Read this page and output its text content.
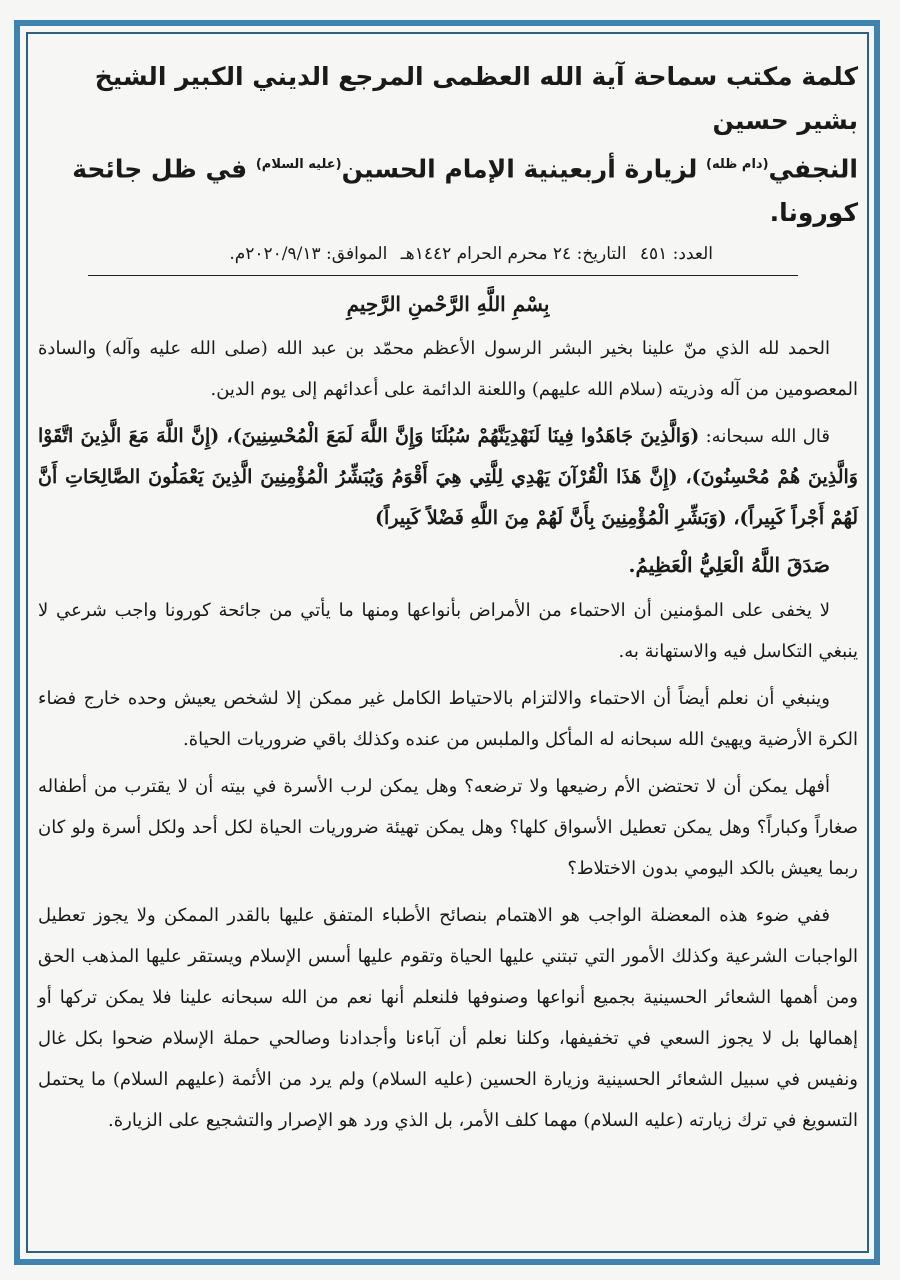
كلمة مكتب سماحة آية الله العظمى المرجع الديني الكبير الشيخ بشير حسين
النجفي$^{(دام ظله)}$ لزيارة أربعينية الإمام الحسين$^{(عليه السلام)}$ في ظل جائحة كورونا.
العدد: ٤٥١ التاريخ: ٢٤ محرم الحرام ١٤٤٢هـ الموافق: ٢٠٢٠/٩/١٣م.
بِسْمِ اللَّهِ الرَّحْمنِ الرَّحِيمِ

الحمد لله الذي منّ علينا بخير البشر الرسول الأعظم محمّد بن عبد الله (صلى الله عليه وآله) والسادة المعصومين من آله وذريته (سلام الله عليهم) واللعنة الدائمة على أعدائهم إلى يوم الدين.

قال الله سبحانه: (وَالَّذِينَ جَاهَدُوا فِينَا لَنَهْدِيَنَّهُمْ سُبُلَنَا وَإِنَّ اللَّهَ لَمَعَ الْمُحْسِنِينَ)، (إِنَّ اللَّهَ مَعَ الَّذِينَ اتَّقَوْا وَالَّذِينَ هُمْ مُحْسِنُونَ)، (إِنَّ هَذَا الْقُرْآنَ يَهْدِي لِلَّتِي هِيَ أَقْوَمُ وَيُبَشِّرُ الْمُؤْمِنِينَ الَّذِينَ يَعْمَلُونَ الصَّالِحَاتِ أَنَّ لَهُمْ أَجْراً كَبِيراً)، (وَبَشِّرِ الْمُؤْمِنِينَ بِأَنَّ لَهُمْ مِنَ اللَّهِ فَضْلاً كَبِيراً)

صَدَقَ اللَّهُ الْعَلِيُّ الْعَظِيمُ.

لا يخفى على المؤمنين أن الاحتماء من الأمراض بأنواعها ومنها ما يأتي من جائحة كورونا واجب شرعي لا ينبغي التكاسل فيه والاستهانة به.

وينبغي أن نعلم أيضاً أن الاحتماء والالتزام بالاحتياط الكامل غير ممكن إلا لشخص يعيش وحده خارج فضاء الكرة الأرضية ويهيئ الله سبحانه له المأكل والملبس من عنده وكذلك باقي ضروريات الحياة.

أفهل يمكن أن لا تحتضن الأم رضيعها ولا ترضعه؟ وهل يمكن لرب الأسرة في بيته أن لا يقترب من أطفاله صغاراً وكباراً؟ وهل يمكن تعطيل الأسواق كلها؟ وهل يمكن تهيئة ضروريات الحياة لكل أحد ولكل أسرة ولو كان ربما يعيش بالكد اليومي بدون الاختلاط؟

ففي ضوء هذه المعضلة الواجب هو الاهتمام بنصائح الأطباء المتفق عليها بالقدر الممكن ولا يجوز تعطيل الواجبات الشرعية وكذلك الأمور التي تبتني عليها الحياة وتقوم عليها أسس الإسلام ويستقر عليها المذهب الحق ومن أهمها الشعائر الحسينية بجميع أنواعها وصنوفها فلنعلم أنها نعم من الله سبحانه علينا فلا يمكن تركها أو إهمالها بل لا يجوز السعي في تخفيفها، وكلنا نعلم أن آباءنا وأجدادنا وصالحي حملة الإسلام ضحوا بكل غال ونفيس في سبيل الشعائر الحسينية وزيارة الحسين (عليه السلام) ولم يرد من الأئمة (عليهم السلام) ما يحتمل التسويغ في ترك زيارته (عليه السلام) مهما كلف الأمر، بل الذي ورد هو الإصرار والتشجيع على الزيارة.
